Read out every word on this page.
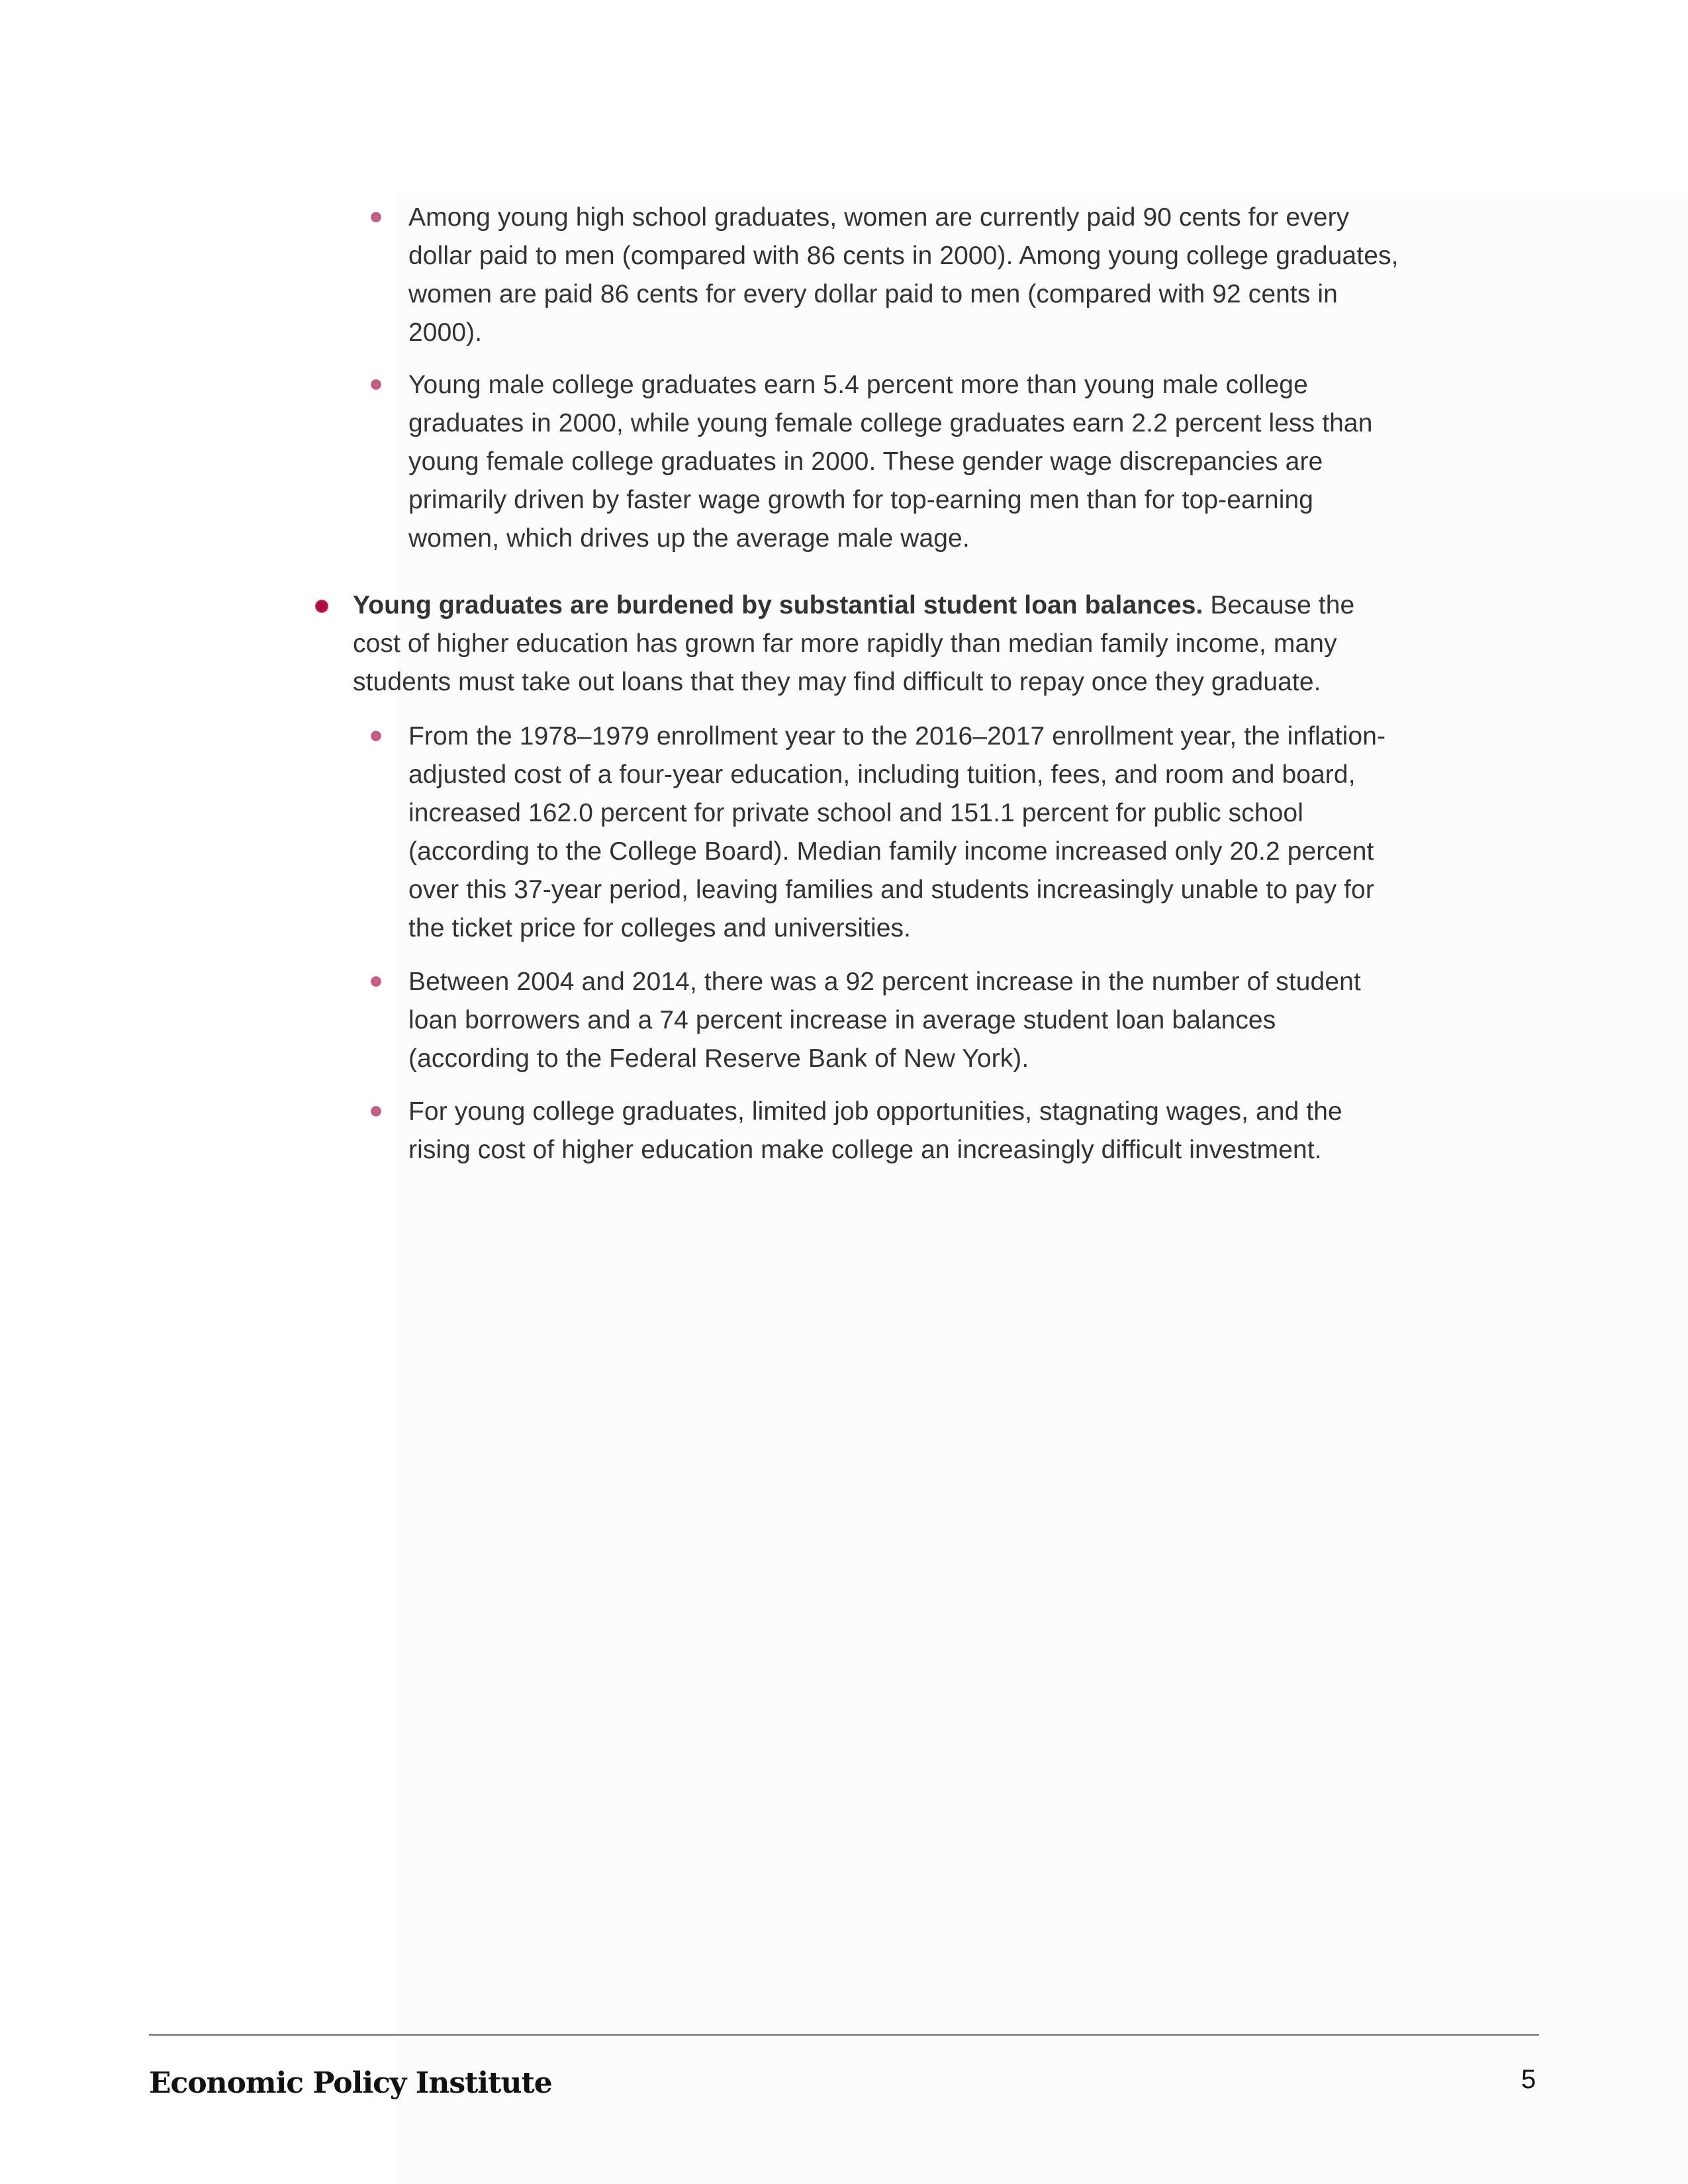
Among young high school graduates, women are currently paid 90 cents for every dollar paid to men (compared with 86 cents in 2000). Among young college graduates, women are paid 86 cents for every dollar paid to men (compared with 92 cents in 2000).

Young male college graduates earn 5.4 percent more than young male college graduates in 2000, while young female college graduates earn 2.2 percent less than young female college graduates in 2000. These gender wage discrepancies are primarily driven by faster wage growth for top-earning men than for top-earning women, which drives up the average male wage.

Young graduates are burdened by substantial student loan balances. Because the cost of higher education has grown far more rapidly than median family income, many students must take out loans that they may find difficult to repay once they graduate.

From the 1978–1979 enrollment year to the 2016–2017 enrollment year, the inflation-adjusted cost of a four-year education, including tuition, fees, and room and board, increased 162.0 percent for private school and 151.1 percent for public school (according to the College Board). Median family income increased only 20.2 percent over this 37-year period, leaving families and students increasingly unable to pay for the ticket price for colleges and universities.

Between 2004 and 2014, there was a 92 percent increase in the number of student loan borrowers and a 74 percent increase in average student loan balances (according to the Federal Reserve Bank of New York).

For young college graduates, limited job opportunities, stagnating wages, and the rising cost of higher education make college an increasingly difficult investment.

Economic Policy Institute	5
